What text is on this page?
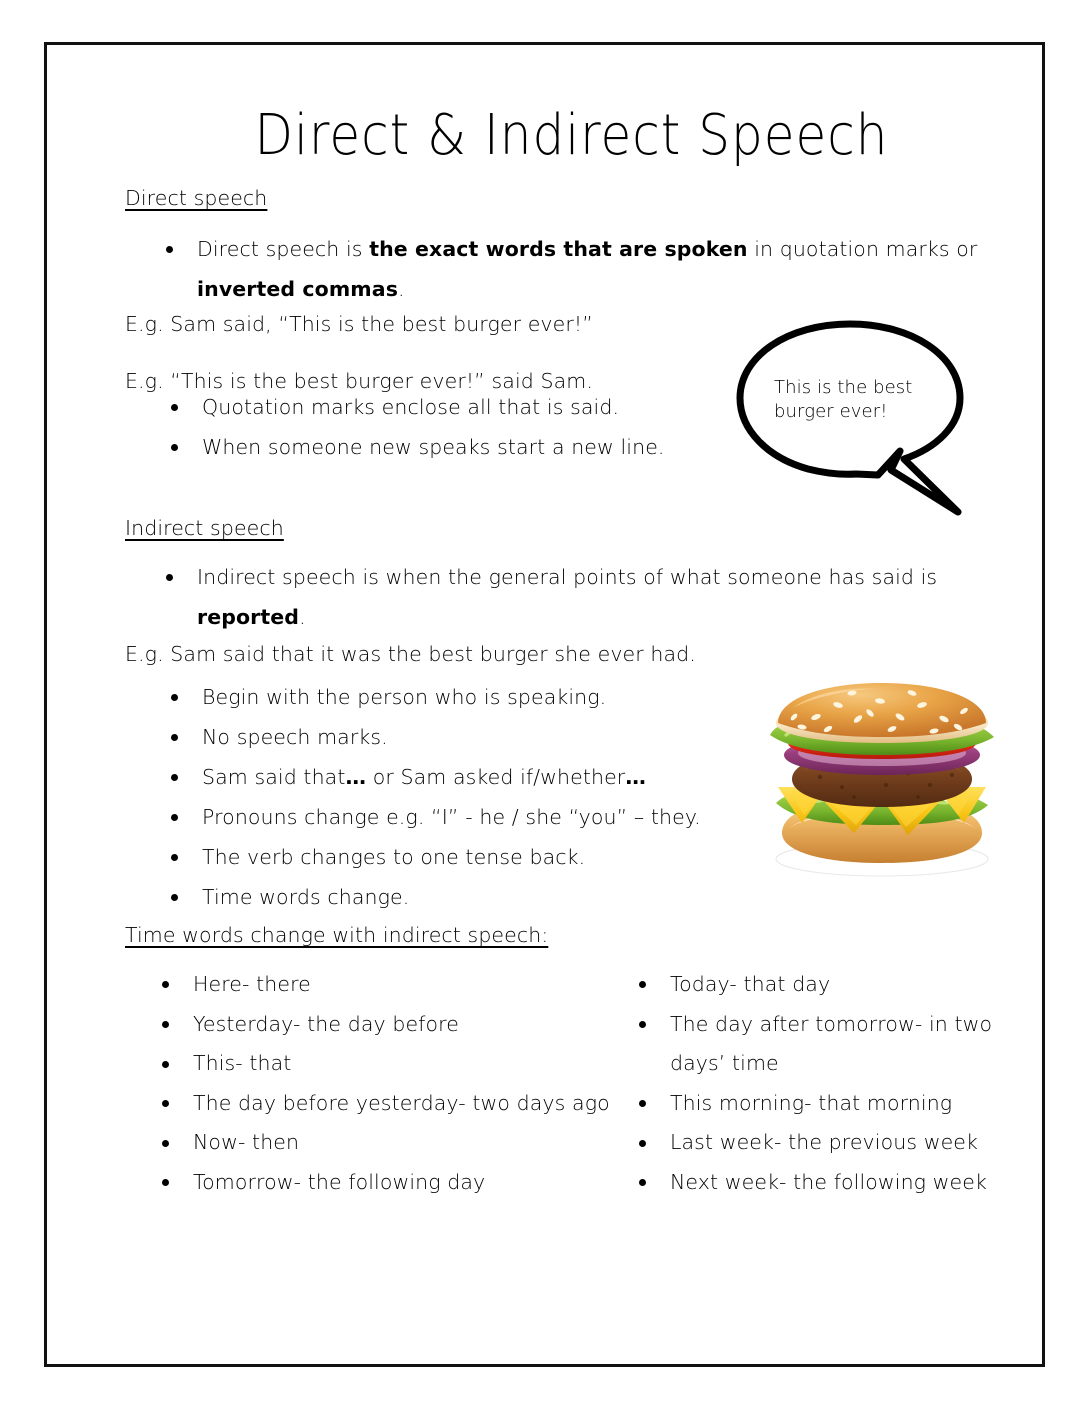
Direct & Indirect Speech
Direct speech
Direct speech is the exact words that are spoken in quotation marks or inverted commas.

E.g. Sam said, “This is the best burger ever!”

E.g. “This is the best burger ever!” said Sam.

Quotation marks enclose all that is said.
When someone new speaks start a new line.
Indirect speech
Indirect speech is when the general points of what someone has said is reported.

E.g. Sam said that it was the best burger she ever had.

Begin with the person who is speaking.
No speech marks.
Sam said that… or Sam asked if/whether…
Pronouns change e.g. “I” - he / she “you” – they.
The verb changes to one tense back.
Time words change.
Time words change with indirect speech:
Here- there
Yesterday- the day before
This- that
The day before yesterday- two days ago
Now- then
Tomorrow- the following day
Today- that day
The day after tomorrow- in two days’ time
This morning- that morning
Last week- the previous week
Next week- the following week
This is the best
burger ever!
